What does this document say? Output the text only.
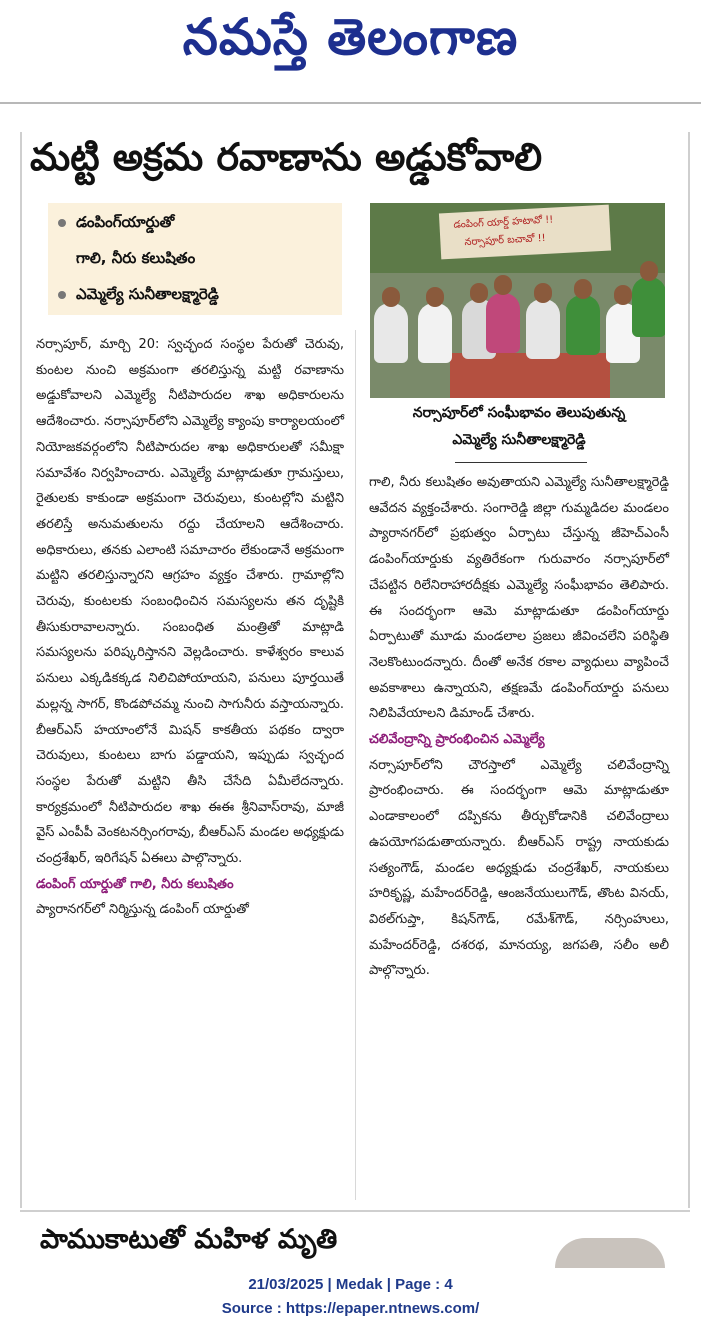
నమస్తే తెలంగాణ
మట్టి అక్రమ రవాణాను అడ్డుకోవాలి
డంపింగ్‌యార్డుతో
గాలి, నీరు కలుషితం
ఎమ్మెల్యే సునీతాలక్ష్మారెడ్డి
డంపింగ్ యార్డ్ హటావో !!
నర్సాపూర్ బచావో !!
నర్సాపూర్‌లో సంఘీభావం తెలుపుతున్న
ఎమ్మెల్యే సునీతాలక్ష్మారెడ్డి

నర్సాపూర్, మార్చి 20: స్వచ్ఛంద సంస్థల పేరుతో చెరువు, కుంటల నుంచి అక్రమంగా తరలిస్తున్న మట్టి రవాణాను అడ్డుకోవాలని ఎమ్మెల్యే నీటిపారుదల శాఖ అధికారులను ఆదేశించారు. నర్సాపూర్‌లోని ఎమ్మెల్యే క్యాంపు కార్యాలయంలో నియోజకవర్గంలోని నీటిపారుదల శాఖ అధికారులతో సమీక్షా సమావేశం నిర్వహించారు. ఎమ్మెల్యే మాట్లాడుతూ గ్రామస్తులు, రైతులకు కాకుండా అక్రమంగా చెరువులు, కుంటల్లోని మట్టిని తరలిస్తే అనుమతులను రద్దు చేయాలని ఆదేశించారు. అధికారులు, తనకు ఎలాంటి సమాచారం లేకుండానే అక్రమంగా మట్టిని తరలిస్తున్నారని ఆగ్రహం వ్యక్తం చేశారు. గ్రామాల్లోని చెరువు, కుంటలకు సంబంధించిన సమస్యలను తన దృష్టికి తీసుకురావాలన్నారు. సంబంధిత మంత్రితో మాట్లాడి సమస్యలను పరిష్కరిస్తానని వెల్లడించారు. కాళేశ్వరం కాలువ పనులు ఎక్కడికక్కడ నిలిచిపోయాయని, పనులు పూర్తయితే మల్లన్న సాగర్, కొండపోచమ్మ నుంచి సాగునీరు వస్తాయన్నారు. బీఆర్‌ఎస్ హయాంలోనే మిషన్ కాకతీయ పథకం ద్వారా చెరువులు, కుంటలు బాగు పడ్డాయని, ఇప్పుడు స్వచ్ఛంద సంస్థల పేరుతో మట్టిని తీసి చేసేది ఏమీలేదన్నారు. కార్యక్రమంలో నీటిపారుదల శాఖ ఈఈ శ్రీనివాస్‌రావు, మాజీ వైస్ ఎంపీపీ వెంకటనర్సింగరావు, బీఆర్‌ఎస్ మండల అధ్యక్షుడు చంద్రశేఖర్, ఇరిగేషన్ ఏఈలు పాల్గొన్నారు.

డంపింగ్ యార్డుతో గాలి, నీరు కలుషితం

ప్యారానగర్‌లో నిర్మిస్తున్న డంపింగ్ యార్డుతో

గాలి, నీరు కలుషితం అవుతాయని ఎమ్మెల్యే సునీతాలక్ష్మారెడ్డి ఆవేదన వ్యక్తంచేశారు. సంగారెడ్డి జిల్లా గుమ్మడిదల మండలం ప్యారానగర్‌లో ప్రభుత్వం ఏర్పాటు చేస్తున్న జీహెచ్‌ఎంసీ డంపింగ్‌యార్డుకు వ్యతిరేకంగా గురువారం నర్సాపూర్‌లో చేపట్టిన రిలేనిరాహారదీక్షకు ఎమ్మెల్యే సంఘీభావం తెలిపారు. ఈ సందర్భంగా ఆమె మాట్లాడుతూ డంపింగ్‌యార్డు ఏర్పాటుతో మూడు మండలాల ప్రజలు జీవించలేని పరిస్థితి నెలకొంటుందన్నారు. దీంతో అనేక రకాల వ్యాధులు వ్యాపించే అవకాశాలు ఉన్నాయని, తక్షణమే డంపింగ్‌యార్డు పనులు నిలిపివేయాలని డిమాండ్ చేశారు.

చలివేంద్రాన్ని ప్రారంభించిన ఎమ్మెల్యే

నర్సాపూర్‌లోని చౌరస్తాలో ఎమ్మెల్యే చలివేంద్రాన్ని ప్రారంభించారు. ఈ సందర్భంగా ఆమె మాట్లాడుతూ ఎండాకాలంలో దప్పికను తీర్చుకోడానికి చలివేంద్రాలు ఉపయోగపడుతాయన్నారు. బీఆర్‌ఎస్ రాష్ట్ర నాయకుడు సత్యంగౌడ్, మండల అధ్యక్షుడు చంద్రశేఖర్, నాయకులు హరికృష్ణ, మహేందర్‌రెడ్డి, ఆంజనేయులుగౌడ్, తొంట వినయ్, విఠల్‌గుప్తా, కిషన్‌గౌడ్, రమేశ్‌గౌడ్, నర్సింహులు, మహేందర్‌రెడ్డి, దశరథ, మానయ్య, జగపతి, సలీం అలీ పాల్గొన్నారు.

పాముకాటుతో మహిళ మృతి
21/03/2025 | Medak | Page : 4
Source : https://epaper.ntnews.com/
